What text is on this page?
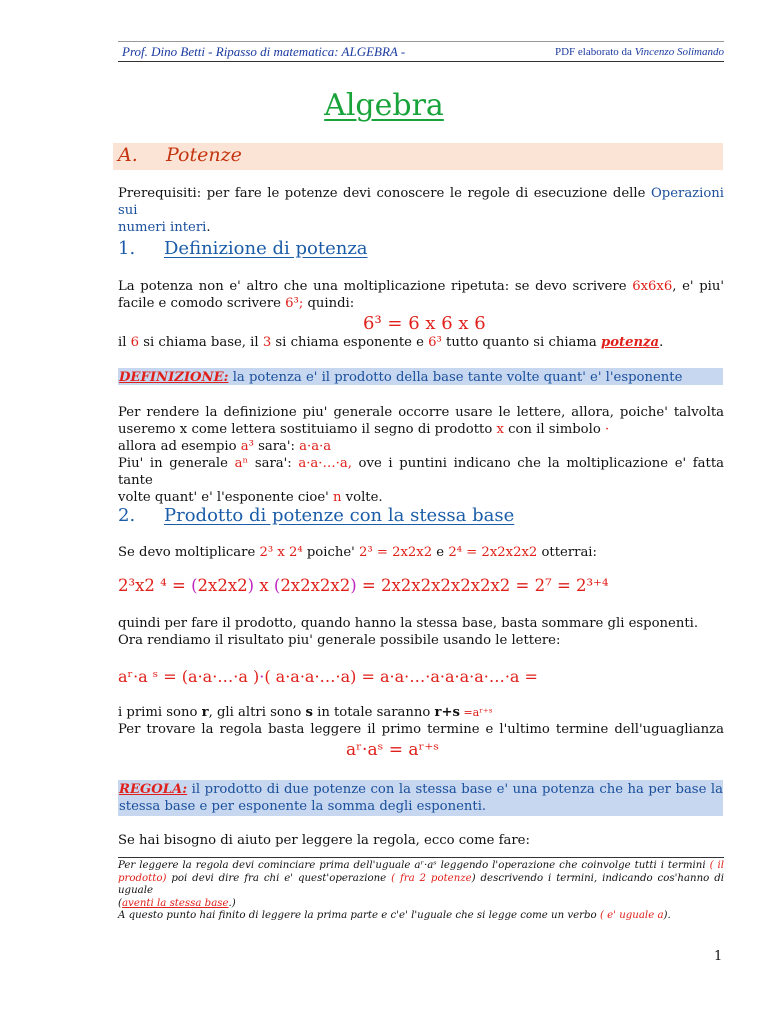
Prof. Dino Betti - Ripasso di matematica: ALGEBRA -	PDF elaborato da Vincenzo Solimando
Algebra
A. Potenze
Prerequisiti: per fare le potenze devi conoscere le regole di esecuzione delle Operazioni sui
numeri interi.
1. Definizione di potenza
La potenza non e' altro che una moltiplicazione ripetuta: se devo scrivere 6x6x6, e' piu'
facile e comodo scrivere 6³; quindi:
6³ = 6 x 6 x 6
il 6 si chiama base, il 3 si chiama esponente e 6³ tutto quanto si chiama potenza.
DEFINIZIONE: la potenza e' il prodotto della base tante volte quant' e' l'esponente
Per rendere la definizione piu' generale occorre usare le lettere, allora, poiche' talvolta
useremo x come lettera sostituiamo il segno di prodotto x con il simbolo ·
allora ad esempio a³ sara': a·a·a
Piu' in generale aⁿ sara': a·a·…·a, ove i puntini indicano che la moltiplicazione e' fatta tante
volte quant' e' l'esponente cioe' n volte.
2. Prodotto di potenze con la stessa base
Se devo moltiplicare 2³ x 2⁴ poiche' 2³ = 2x2x2 e 2⁴ = 2x2x2x2 otterrai:
2³x2 ⁴ = (2x2x2) x (2x2x2x2) = 2x2x2x2x2x2x2 = 2⁷ = 2³⁺⁴
quindi per fare il prodotto, quando hanno la stessa base, basta sommare gli esponenti.
Ora rendiamo il risultato piu' generale possibile usando le lettere:
aʳ·a ˢ = (a·a·…·a )·( a·a·a·…·a) = a·a·…·a·a·a·a·…·a =
i primi sono r, gli altri sono s in totale saranno r+s =aʳ⁺ˢ
Per trovare la regola basta leggere il primo termine e l'ultimo termine dell'uguaglianza
aʳ·aˢ = aʳ⁺ˢ
REGOLA: il prodotto di due potenze con la stessa base e' una potenza che ha per base la
stessa base e per esponente la somma degli esponenti.
Se hai bisogno di aiuto per leggere la regola, ecco come fare:
Per leggere la regola devi cominciare prima dell'uguale aʳ·aˢ leggendo l'operazione che coinvolge tutti i termini ( il
prodotto) poi devi dire fra chi e' quest'operazione ( fra 2 potenze) descrivendo i termini, indicando cos'hanno di uguale
(aventi la stessa base.)
A questo punto hai finito di leggere la prima parte e c'e' l'uguale che si legge come un verbo ( e' uguale a).
1
